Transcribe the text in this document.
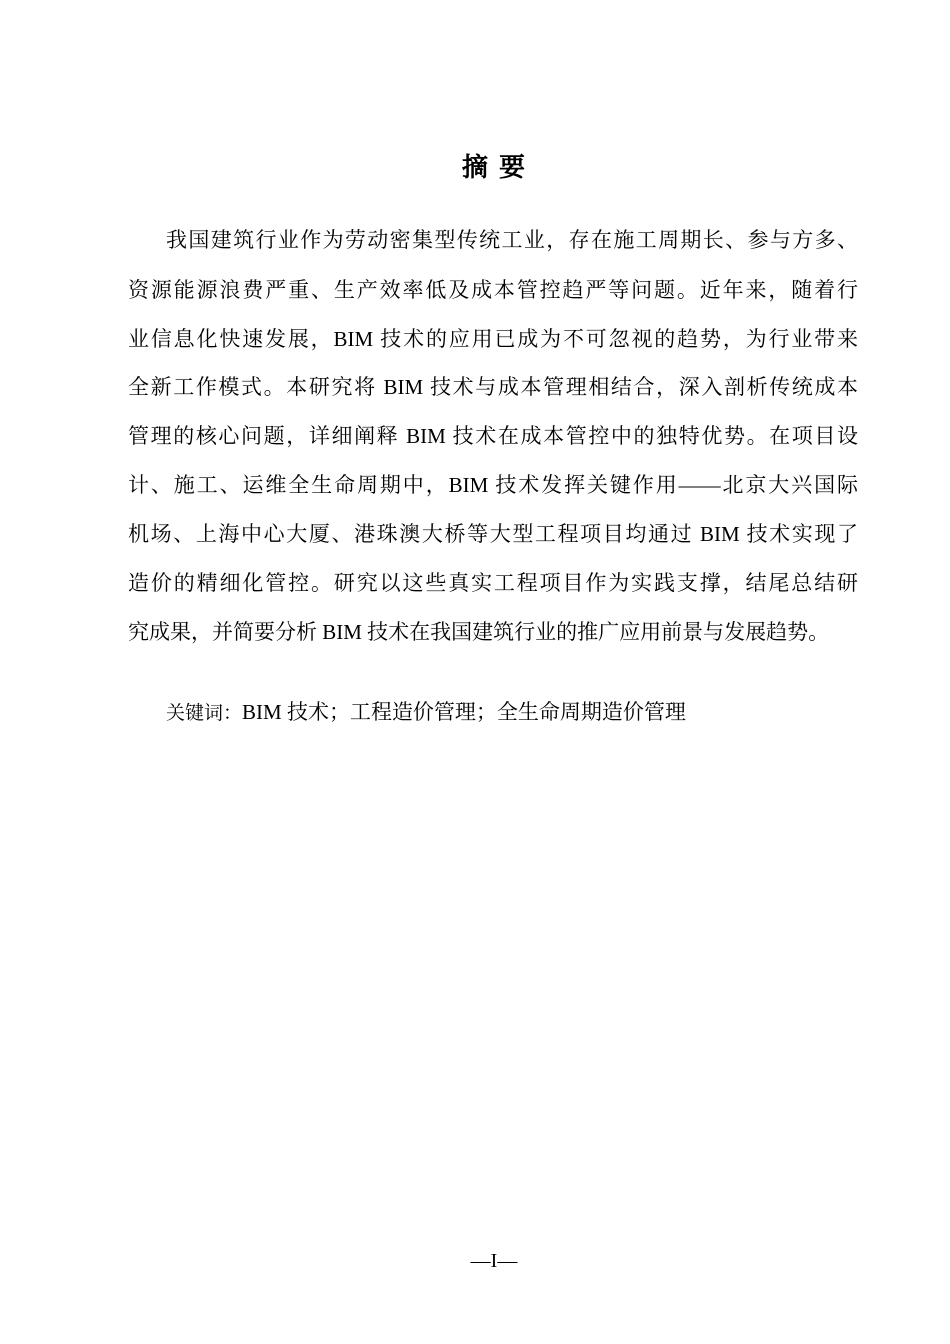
摘 要
我国建筑行业作为劳动密集型传统工业，存在施工周期长、参与方多、
资源能源浪费严重、生产效率低及成本管控趋严等问题。近年来，随着行
业信息化快速发展，BIM 技术的应用已成为不可忽视的趋势，为行业带来
全新工作模式。本研究将 BIM 技术与成本管理相结合，深入剖析传统成本
管理的核心问题，详细阐释 BIM 技术在成本管控中的独特优势。在项目设
计、施工、运维全生命周期中，BIM 技术发挥关键作用——北京大兴国际
机场、上海中心大厦、港珠澳大桥等大型工程项目均通过 BIM 技术实现了
造价的精细化管控。研究以这些真实工程项目作为实践支撑，结尾总结研
究成果，并简要分析 BIM 技术在我国建筑行业的推广应用前景与发展趋势。
关键词：BIM 技术；工程造价管理；全生命周期造价管理
—I—
